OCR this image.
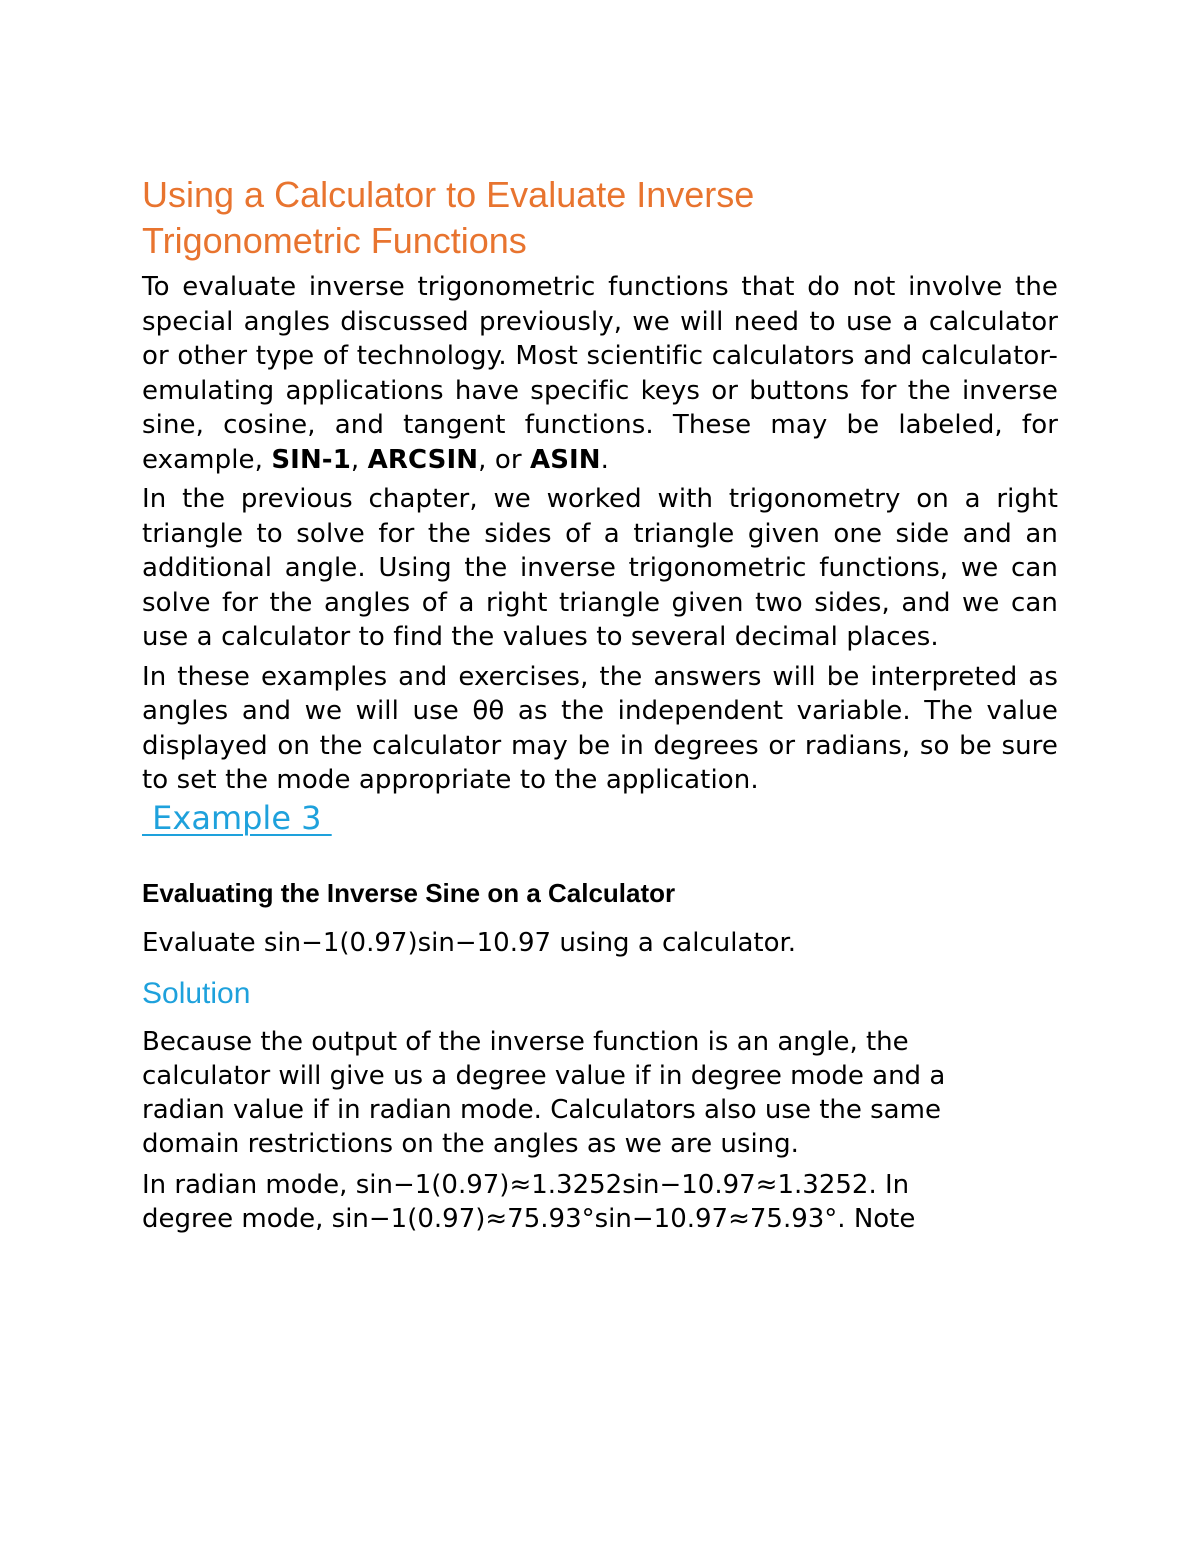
Using a Calculator to Evaluate Inverse
Trigonometric Functions

To evaluate inverse trigonometric functions that do not involve the special angles discussed previously, we will need to use a calculator or other type of technology. Most scientific calculators and calculator-emulating applications have specific keys or buttons for the inverse sine, cosine, and tangent functions. These may be labeled, for example, SIN-1, ARCSIN, or ASIN.

In the previous chapter, we worked with trigonometry on a right triangle to solve for the sides of a triangle given one side and an additional angle. Using the inverse trigonometric functions, we can solve for the angles of a right triangle given two sides, and we can use a calculator to find the values to several decimal places.

In these examples and exercises, the answers will be interpreted as angles and we will use θθ as the independent variable. The value displayed on the calculator may be in degrees or radians, so be sure to set the mode appropriate to the application.

Example 3

Evaluating the Inverse Sine on a Calculator

Evaluate sin−1(0.97)sin−10.97 using a calculator.

Solution

Because the output of the inverse function is an angle, the
calculator will give us a degree value if in degree mode and a
radian value if in radian mode. Calculators also use the same
domain restrictions on the angles as we are using.

In radian mode, sin−1(0.97)≈1.3252sin−10.97≈1.3252. In
degree mode, sin−1(0.97)≈75.93°sin−10.97≈75.93°. Note
